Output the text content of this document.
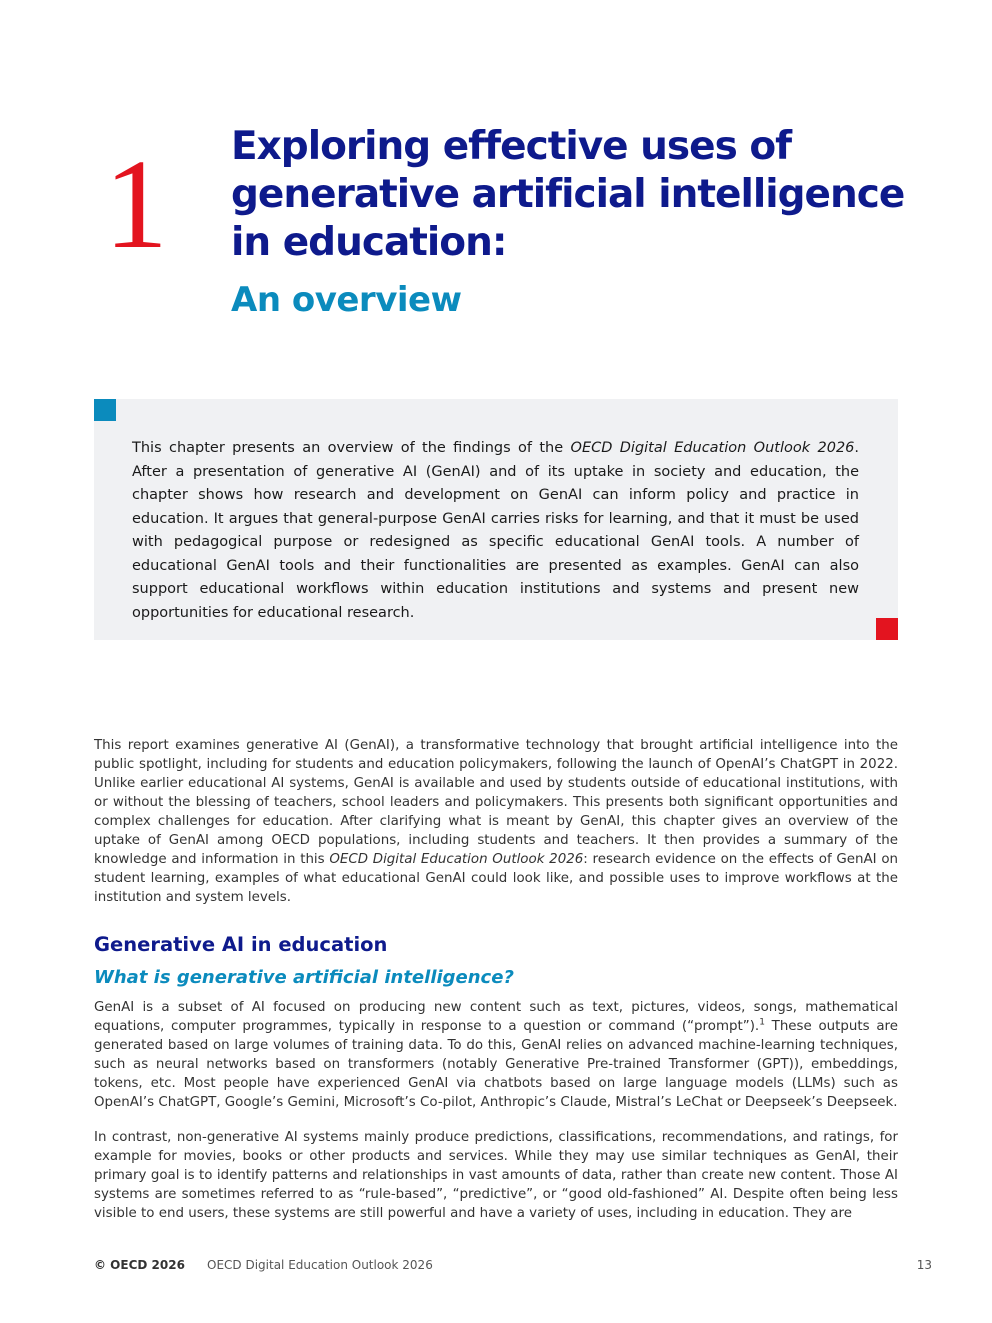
1 Exploring effective uses of generative artificial intelligence in education:
An overview

This chapter presents an overview of the findings of the OECD Digital Education Outlook 2026. After a presentation of generative AI (GenAI) and of its uptake in society and education, the chapter shows how research and development on GenAI can inform policy and practice in education. It argues that general-purpose GenAI carries risks for learning, and that it must be used with pedagogical purpose or redesigned as specific educational GenAI tools. A number of educational GenAI tools and their functionalities are presented as examples. GenAI can also support educational workflows within education institutions and systems and present new opportunities for educational research.

This report examines generative AI (GenAI), a transformative technology that brought artificial intelligence into the public spotlight, including for students and education policymakers, following the launch of OpenAI’s ChatGPT in 2022. Unlike earlier educational AI systems, GenAI is available and used by students outside of educational institutions, with or without the blessing of teachers, school leaders and policymakers. This presents both significant opportunities and complex challenges for education. After clarifying what is meant by GenAI, this chapter gives an overview of the uptake of GenAI among OECD populations, including students and teachers. It then provides a summary of the knowledge and information in this OECD Digital Education Outlook 2026: research evidence on the effects of GenAI on student learning, examples of what educational GenAI could look like, and possible uses to improve workflows at the institution and system levels.

Generative AI in education
What is generative artificial intelligence?

GenAI is a subset of AI focused on producing new content such as text, pictures, videos, songs, mathematical equations, computer programmes, typically in response to a question or command (“prompt”).$^1$ These outputs are generated based on large volumes of training data. To do this, GenAI relies on advanced machine-learning techniques, such as neural networks based on transformers (notably Generative Pre-trained Transformer (GPT)), embeddings, tokens, etc. Most people have experienced GenAI via chatbots based on large language models (LLMs) such as OpenAI’s ChatGPT, Google’s Gemini, Microsoft’s Co-pilot, Anthropic’s Claude, Mistral’s LeChat or Deepseek’s Deepseek.

In contrast, non-generative AI systems mainly produce predictions, classifications, recommendations, and ratings, for example for movies, books or other products and services. While they may use similar techniques as GenAI, their primary goal is to identify patterns and relationships in vast amounts of data, rather than create new content. Those AI systems are sometimes referred to as “rule-based”, “predictive”, or “good old-fashioned” AI. Despite often being less visible to end users, these systems are still powerful and have a variety of uses, including in education. They are

© OECD 2026 OECD Digital Education Outlook 2026	13
